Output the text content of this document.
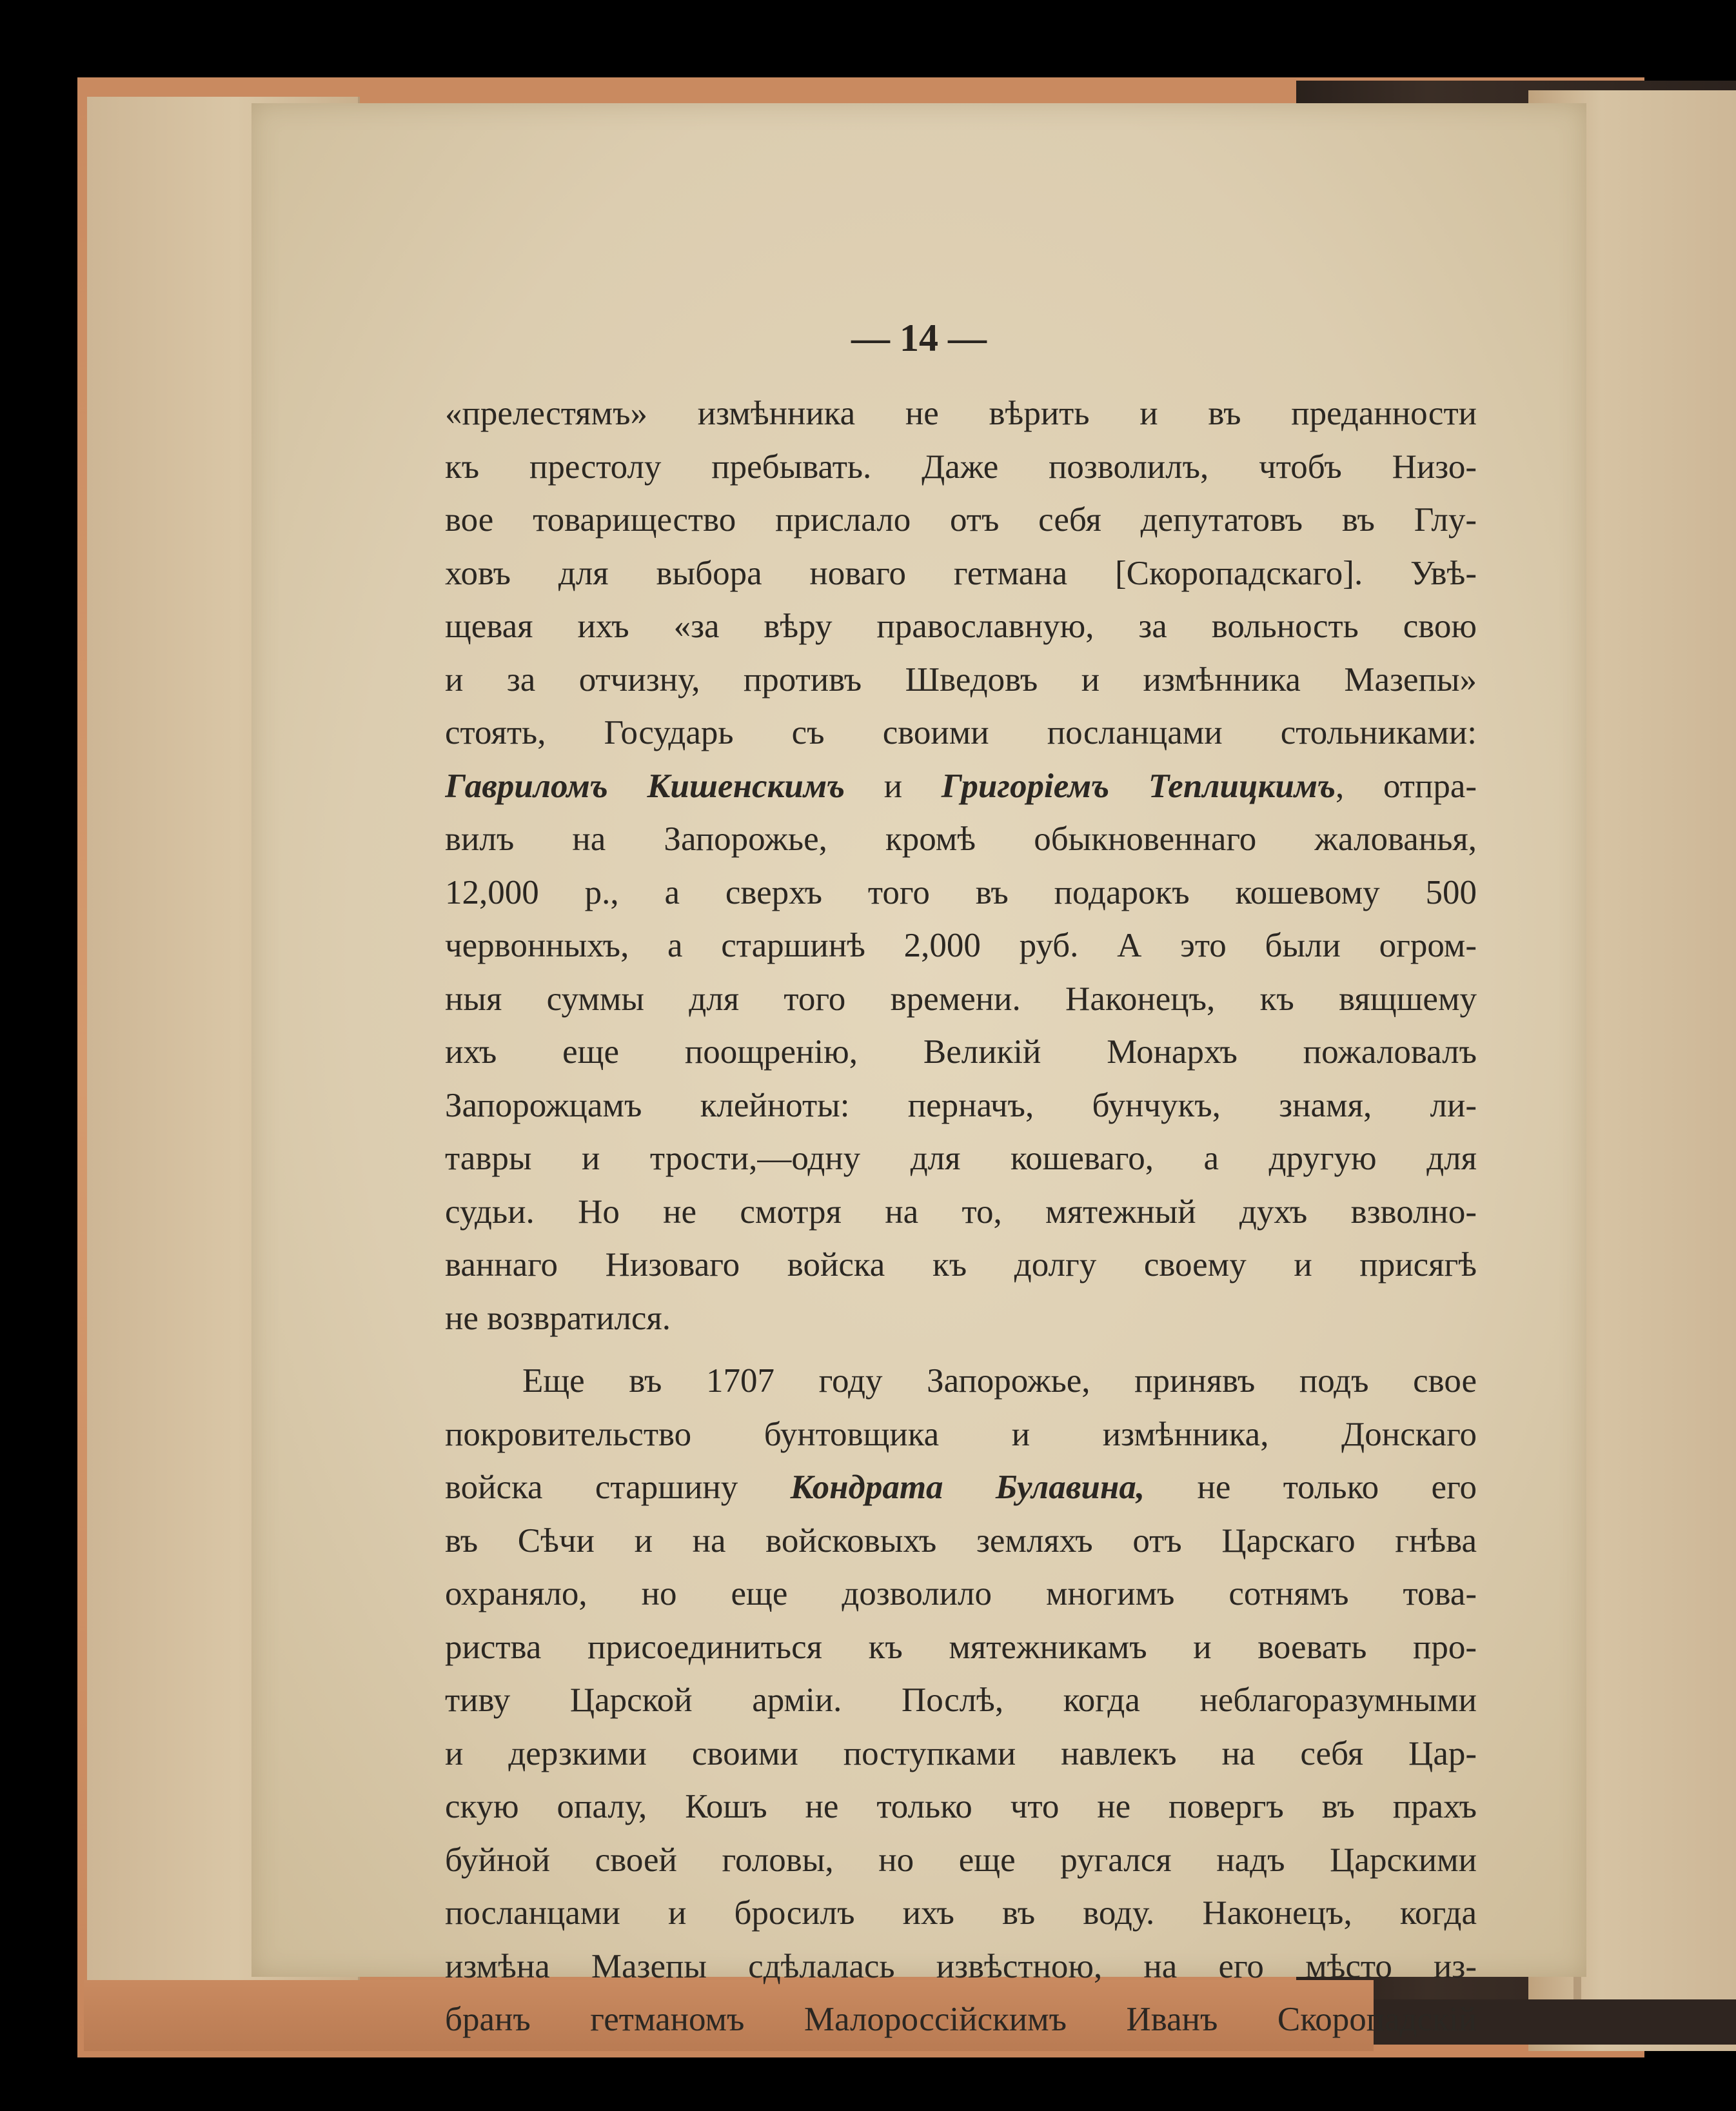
— 14 —
«прелестямъ» измѣнника не вѣрить и въ преданности
къ престолу пребывать. Даже позволилъ, чтобъ Низо-
вое товарищество прислало отъ себя депутатовъ въ Глу-
ховъ для выбора новаго гетмана [Скоропадскаго]. Увѣ-
щевая ихъ «за вѣру православную, за вольность свою
и за отчизну, противъ Шведовъ и измѣнника Мазепы»
стоять, Государь съ своими посланцами стольниками:
Гавриломъ Кишенскимъ и Григоріемъ Теплицкимъ, отпра-
вилъ на Запорожье, кромѣ обыкновеннаго жалованья,
12,000 р., а сверхъ того въ подарокъ кошевому 500
червонныхъ, а старшинѣ 2,000 руб. А это были огром-
ныя суммы для того времени. Наконецъ, къ вящшему
ихъ еще поощренію, Великій Монархъ пожаловалъ
Запорожцамъ клейноты: перначъ, бунчукъ, знамя, ли-
тавры и трости,—одну для кошеваго, а другую для
судьи. Но не смотря на то, мятежный духъ взволно-
ваннаго Низоваго войска къ долгу своему и присягѣ
не возвратился.
Еще въ 1707 году Запорожье, принявъ подъ свое
покровительство бунтовщика и измѣнника, Донскаго
войска старшину Кондрата Булавина, не только его
въ Сѣчи и на войсковыхъ земляхъ отъ Царскаго гнѣва
охраняло, но еще дозволило многимъ сотнямъ това-
риства присоединиться къ мятежникамъ и воевать про-
тиву Царской арміи. Послѣ, когда неблагоразумными
и дерзкими своими поступками навлекъ на себя Цар-
скую опалу, Кошъ не только что не повергъ въ прахъ
буйной своей головы, но еще ругался надъ Царскими
посланцами и бросилъ ихъ въ воду. Наконецъ, когда
измѣна Мазепы сдѣлалась извѣстною, на его мѣсто из-
бранъ гетманомъ Малороссійскимъ Иванъ Скоропадскій
